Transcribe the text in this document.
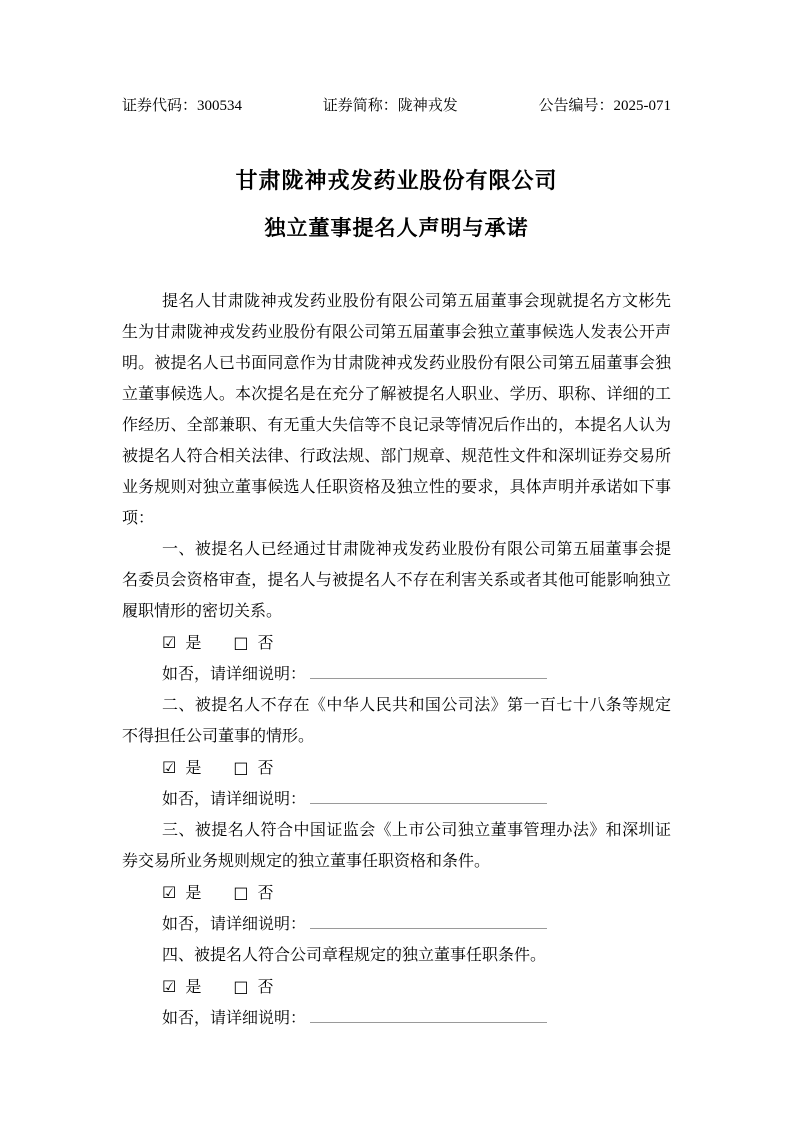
证券代码：300534	证券简称：陇神戎发	公告编号：2025-071
甘肃陇神戎发药业股份有限公司
独立董事提名人声明与承诺

提名人甘肃陇神戎发药业股份有限公司第五届董事会现就提名方文彬先生为甘肃陇神戎发药业股份有限公司第五届董事会独立董事候选人发表公开声明。被提名人已书面同意作为甘肃陇神戎发药业股份有限公司第五届董事会独立董事候选人。本次提名是在充分了解被提名人职业、学历、职称、详细的工作经历、全部兼职、有无重大失信等不良记录等情况后作出的，本提名人认为被提名人符合相关法律、行政法规、部门规章、规范性文件和深圳证券交易所业务规则对独立董事候选人任职资格及独立性的要求，具体声明并承诺如下事项：

一、被提名人已经通过甘肃陇神戎发药业股份有限公司第五届董事会提名委员会资格审查，提名人与被提名人不存在利害关系或者其他可能影响独立履职情形的密切关系。

☑ 是
□ 否
如否，请详细说明：

二、被提名人不存在《中华人民共和国公司法》第一百七十八条等规定不得担任公司董事的情形。

☑ 是
□ 否
如否，请详细说明：

三、被提名人符合中国证监会《上市公司独立董事管理办法》和深圳证券交易所业务规则规定的独立董事任职资格和条件。

☑ 是
□ 否
如否，请详细说明：

四、被提名人符合公司章程规定的独立董事任职条件。

☑ 是
□ 否
如否，请详细说明：
